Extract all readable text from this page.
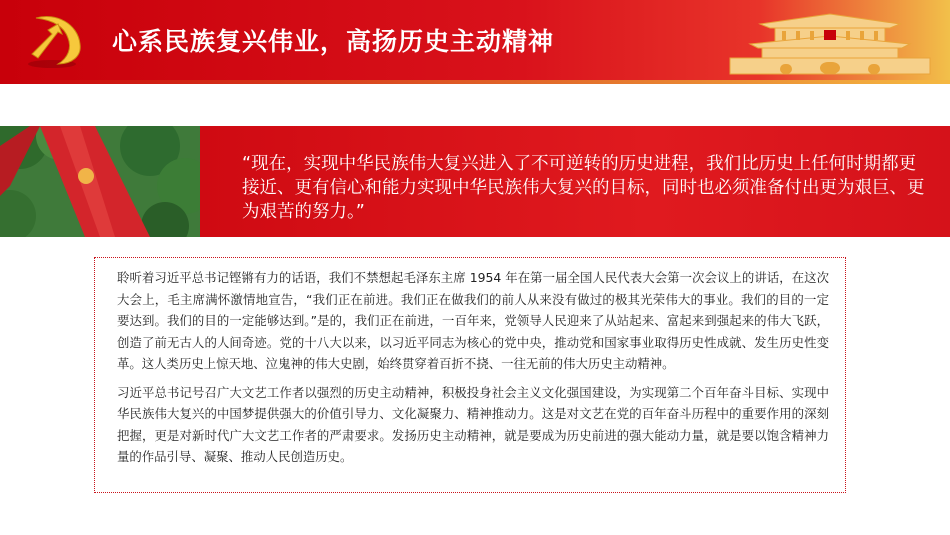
心系民族复兴伟业，高扬历史主动精神
“现在，实现中华民族伟大复兴进入了不可逆转的历史进程，我们比历史上任何时期都更接近、更有信心和能力实现中华民族伟大复兴的目标，同时也必须准备付出更为艰巨、更为艰苦的努力。”

聆听着习近平总书记铿锵有力的话语，我们不禁想起毛泽东主席 1954 年在第一届全国人民代表大会第一次会议上的讲话，在这次大会上，毛主席满怀激情地宣告，“我们正在前进。我们正在做我们的前人从来没有做过的极其光荣伟大的事业。我们的目的一定要达到。我们的目的一定能够达到。”是的，我们正在前进，一百年来，党领导人民迎来了从站起来、富起来到强起来的伟大飞跃，创造了前无古人的人间奇迹。党的十八大以来，以习近平同志为核心的党中央，推动党和国家事业取得历史性成就、发生历史性变革。这人类历史上惊天地、泣鬼神的伟大史剧，始终贯穿着百折不挠、一往无前的伟大历史主动精神。

习近平总书记号召广大文艺工作者以强烈的历史主动精神，积极投身社会主义文化强国建设，为实现第二个百年奋斗目标、实现中华民族伟大复兴的中国梦提供强大的价值引导力、文化凝聚力、精神推动力。这是对文艺在党的百年奋斗历程中的重要作用的深刻把握，更是对新时代广大文艺工作者的严肃要求。发扬历史主动精神，就是要成为历史前进的强大能动力量，就是要以饱含精神力量的作品引导、凝聚、推动人民创造历史。
